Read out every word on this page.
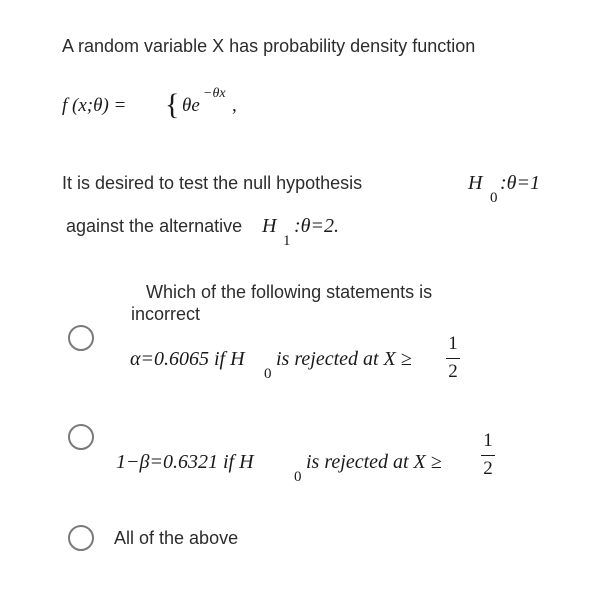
A random variable X has probability density function
f (x;θ) = { θe
−θx
,
It is desired to test the null hypothesis	H
0
:θ=1
against the alternative H
1
:θ=2.
Which of the following statements is
incorrect
α=0.6065 if H
0
is rejected at X ≥
1
2
1−β=0.6321 if H
0
is rejected at X ≥
1
2
All of the above
